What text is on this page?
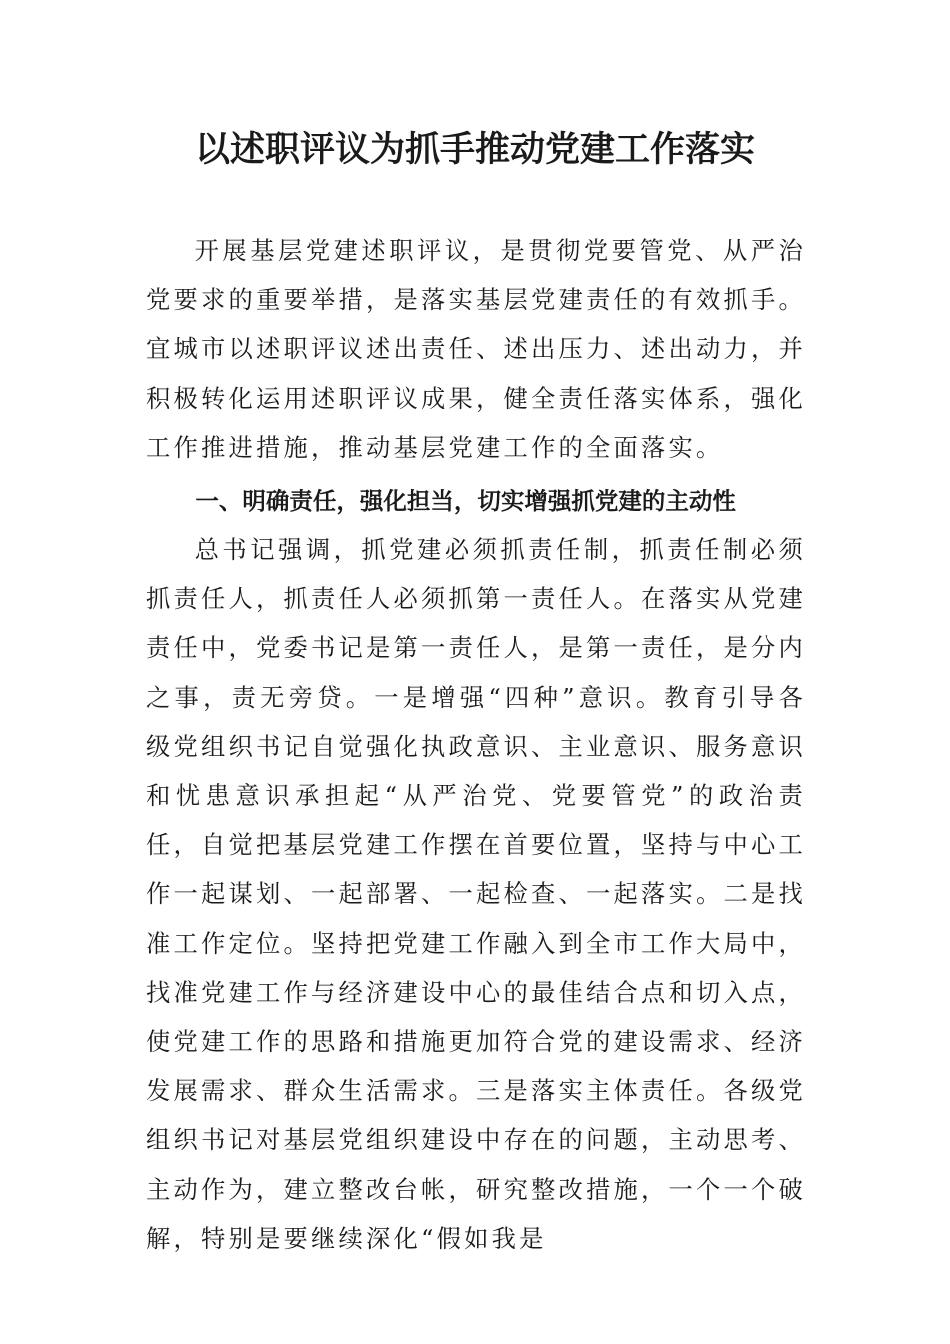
以述职评议为抓手推动党建工作落实

开展基层党建述职评议，是贯彻党要管党、从严治党要求的重要举措，是落实基层党建责任的有效抓手。宜城市以述职评议述出责任、述出压力、述出动力，并积极转化运用述职评议成果，健全责任落实体系，强化工作推进措施，推动基层党建工作的全面落实。

一、明确责任，强化担当，切实增强抓党建的主动性

总书记强调，抓党建必须抓责任制，抓责任制必须抓责任人，抓责任人必须抓第一责任人。在落实从党建责任中，党委书记是第一责任人，是第一责任，是分内之事，责无旁贷。一是增强“四种”意识。教育引导各级党组织书记自觉强化执政意识、主业意识、服务意识和忧患意识承担起“从严治党、党要管党”的政治责任，自觉把基层党建工作摆在首要位置，坚持与中心工作一起谋划、一起部署、一起检查、一起落实。二是找准工作定位。坚持把党建工作融入到全市工作大局中，找准党建工作与经济建设中心的最佳结合点和切入点，使党建工作的思路和措施更加符合党的建设需求、经济发展需求、群众生活需求。三是落实主体责任。各级党组织书记对基层党组织建设中存在的问题，主动思考、主动作为，建立整改台帐，研究整改措施，一个一个破解，特别是要继续深化“假如我是
